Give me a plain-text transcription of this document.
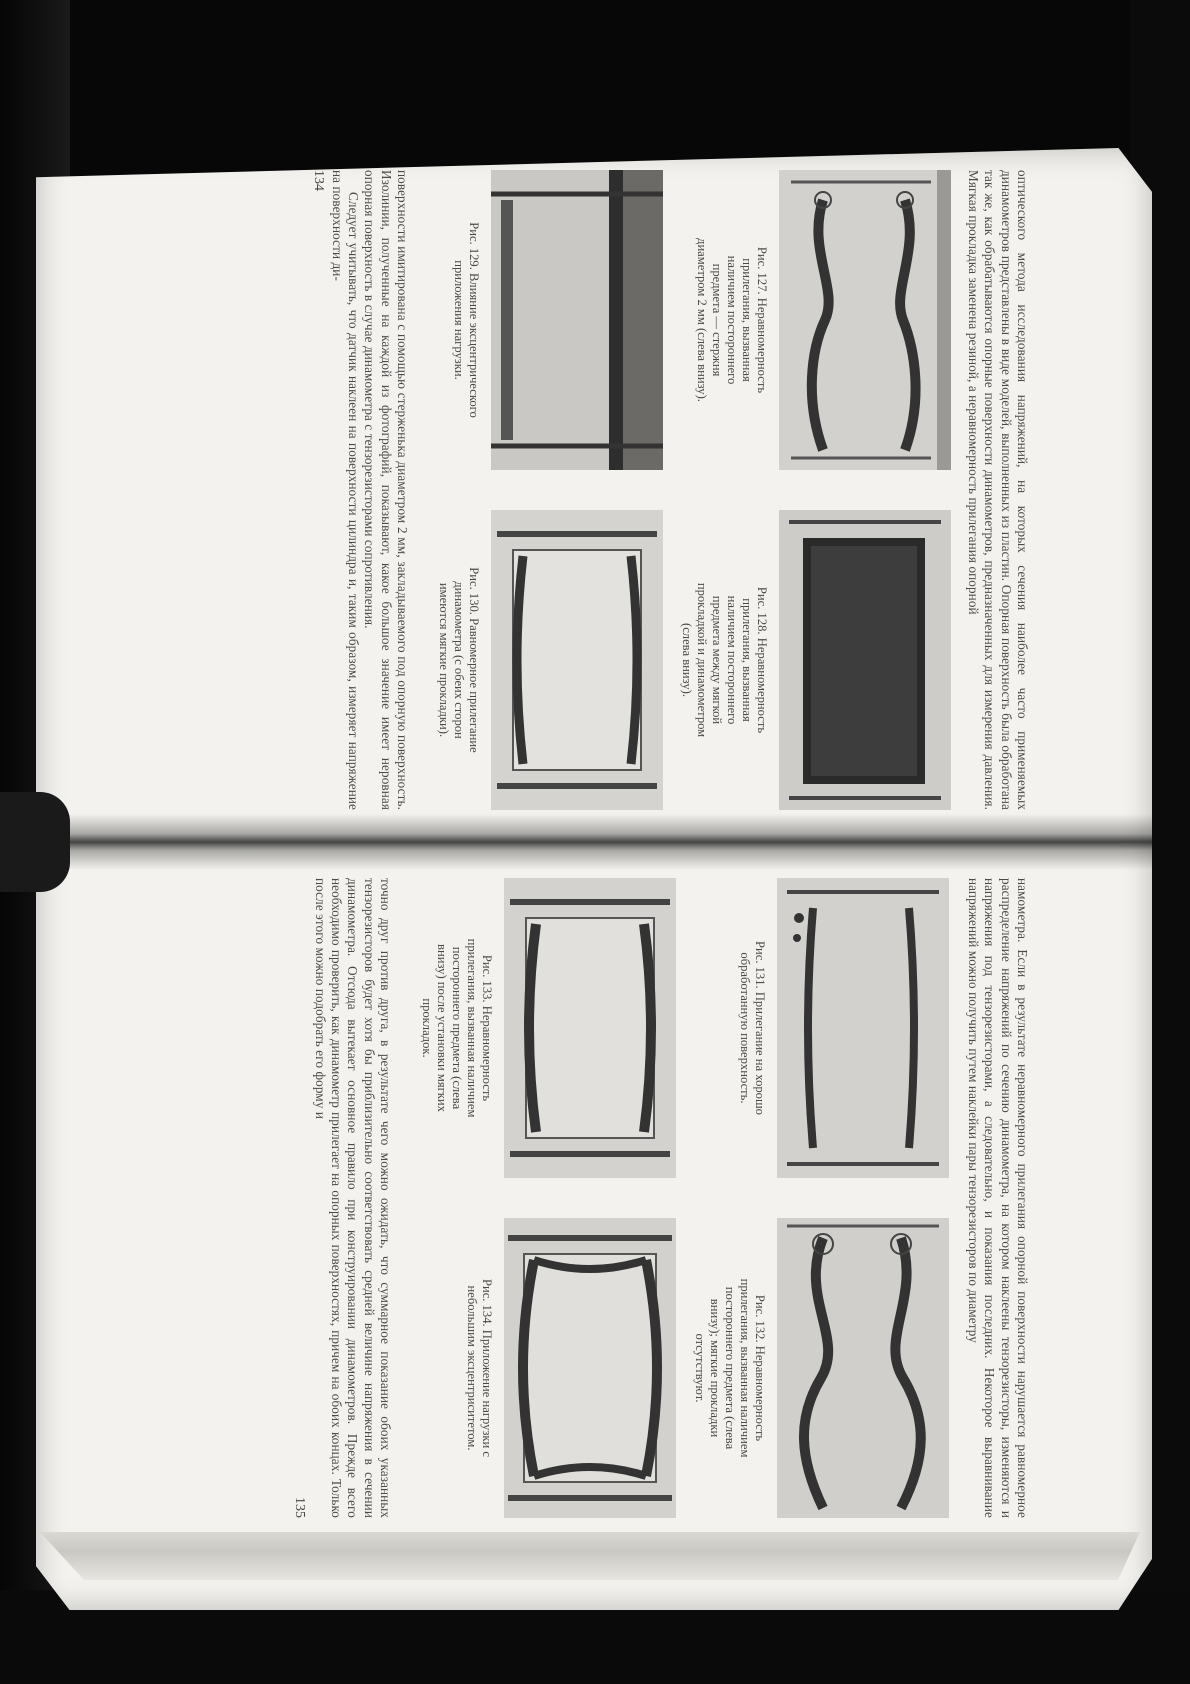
оптического метода исследования напряжений, на которых сечения наиболее часто применяемых динамометров представлены в виде моделей, выполненных из пластин. Опорная поверхность была обработана так же, как обрабатываются опорные поверхности динамометров, предназначенных для измерения давления. Мягкая прокладка заменена резиной, а неравномерность прилегания опорной

Рис. 127. Неравномерность прилегания, вызванная наличием постороннего предмета — стержня диаметром 2 мм (слева внизу).
Рис. 128. Неравномерность прилегания, вызванная наличием постороннего предмета между мягкой прокладкой и динамометром (слева внизу).
Рис. 129. Влияние эксцентрического приложения нагрузки.
Рис. 130. Равномерное прилегание динамометра (с обеих сторон имеются мягкие прокладки).

поверхности имитирована с помощью стерженька диаметром 2 мм, закладываемого под опорную поверхность. Изолинии, полученные на каждой из фотографий, показывают, какое большое значение имеет неровная опорная поверхность в случае динамометра с тензорезисторами сопротивления.

Следует учитывать, что датчик наклеен на поверхности цилиндра и, таким образом, измеряет напряжение на поверхности ди-

134

намометра. Если в результате неравномерного прилегания опорной поверхности нарушается равномерное распределение напряжений по сечению динамометра, на котором наклеены тензорезисторы, изменяются и напряжения под тензорезисторами, а следовательно, и показания последних. Некоторое выравнивание напряжений можно получить путем наклейки пары тензорезисторов по диаметру

Рис. 131. Прилегание на хорошо обработанную поверхность.
Рис. 132. Неравномерность прилегания, вызванная наличием постороннего предмета (слева внизу); мягкие прокладки отсутствуют.
Рис. 133. Неравномерность прилегания, вызванная наличием постороннего предмета (слева внизу) после установки мягких прокладок.
Рис. 134. Приложение нагрузки с небольшим эксцентриситетом.

точно друг против друга, в результате чего можно ожидать, что суммарное показание обоих указанных тензорезисторов будет хотя бы приблизительно соответствовать средней величине напряжения в сечении динамометра. Отсюда вытекает основное правило при конструировании динамометров. Прежде всего необходимо проверить, как динамометр прилегает на опорных поверхностях, причем на обоих концах. Только после этого можно подобрать его форму и

135
